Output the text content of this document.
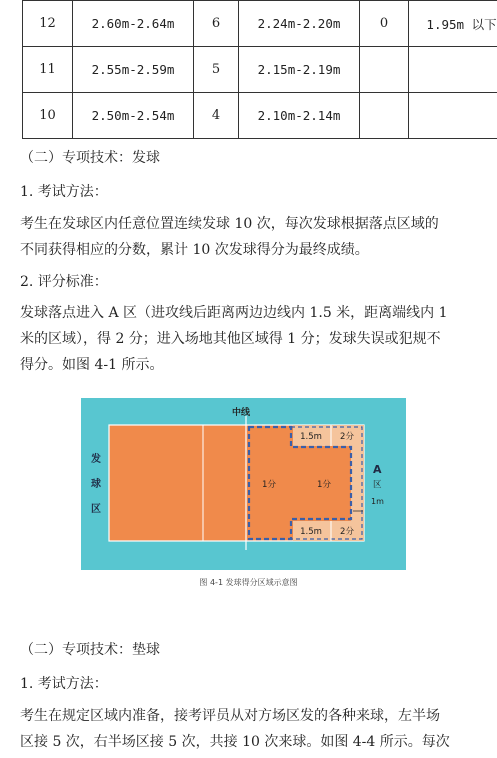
12	2.60m-2.64m	6	2.24m-2.20m	0	1.95m 以下
11	2.55m-2.59m	5	2.15m-2.19m		
10	2.50m-2.54m	4	2.10m-2.14m		
（二）专项技术：发球
1. 考试方法：
考生在发球区内任意位置连续发球 10 次，每次发球根据落点区域的
不同获得相应的分数，累计 10 次发球得分为最终成绩。
2. 评分标准：
发球落点进入 A 区（进攻线后距离两边边线内 1.5 米，距离端线内 1
米的区域），得 2 分；进入场地其他区域得 1 分；发球失误或犯规不
得分。如图 4-1 所示。
中线
发
球
区
1分	1分
1.5m
1.5m
2分
2分
A
区
1m
图 4-1 发球得分区域示意图
（二）专项技术：垫球
1. 考试方法：
考生在规定区域内准备，接考评员从对方场区发的各种来球，左半场
区接 5 次，右半场区接 5 次，共接 10 次来球。如图 4-4 所示。每次
